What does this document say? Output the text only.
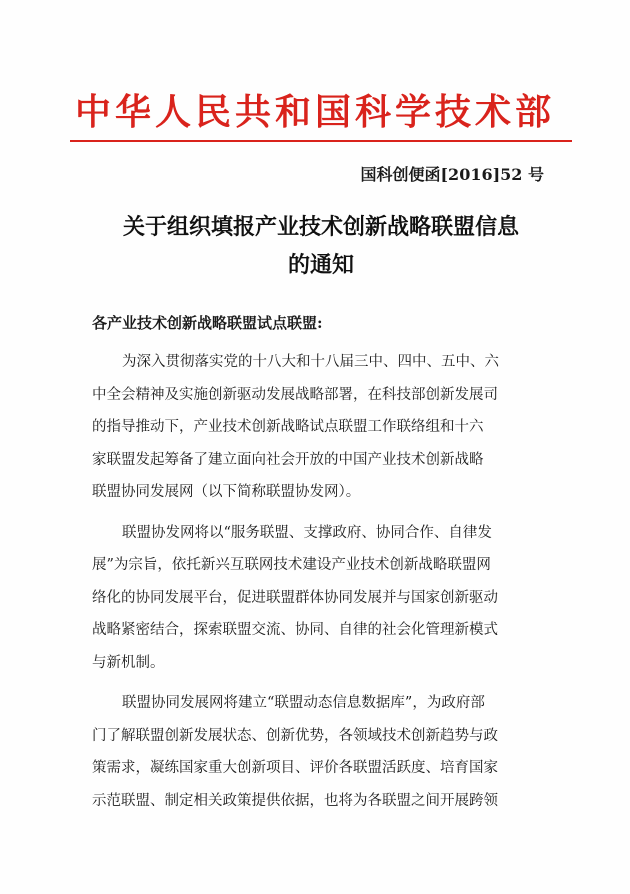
中华人民共和国科学技术部
国科创便函[2016]52 号
关于组织填报产业技术创新战略联盟信息
的通知
各产业技术创新战略联盟试点联盟:

为深入贯彻落实党的十八大和十八届三中、四中、五中、六
中全会精神及实施创新驱动发展战略部署，在科技部创新发展司
的指导推动下，产业技术创新战略试点联盟工作联络组和十六
家联盟发起筹备了建立面向社会开放的中国产业技术创新战略
联盟协同发展网（以下简称联盟协发网）。

联盟协发网将以“服务联盟、支撑政府、协同合作、自律发
展”为宗旨，依托新兴互联网技术建设产业技术创新战略联盟网
络化的协同发展平台，促进联盟群体协同发展并与国家创新驱动
战略紧密结合，探索联盟交流、协同、自律的社会化管理新模式
与新机制。

联盟协同发展网将建立“联盟动态信息数据库”，为政府部
门了解联盟创新发展状态、创新优势，各领域技术创新趋势与政
策需求，凝练国家重大创新项目、评价各联盟活跃度、培育国家
示范联盟、制定相关政策提供依据，也将为各联盟之间开展跨领
